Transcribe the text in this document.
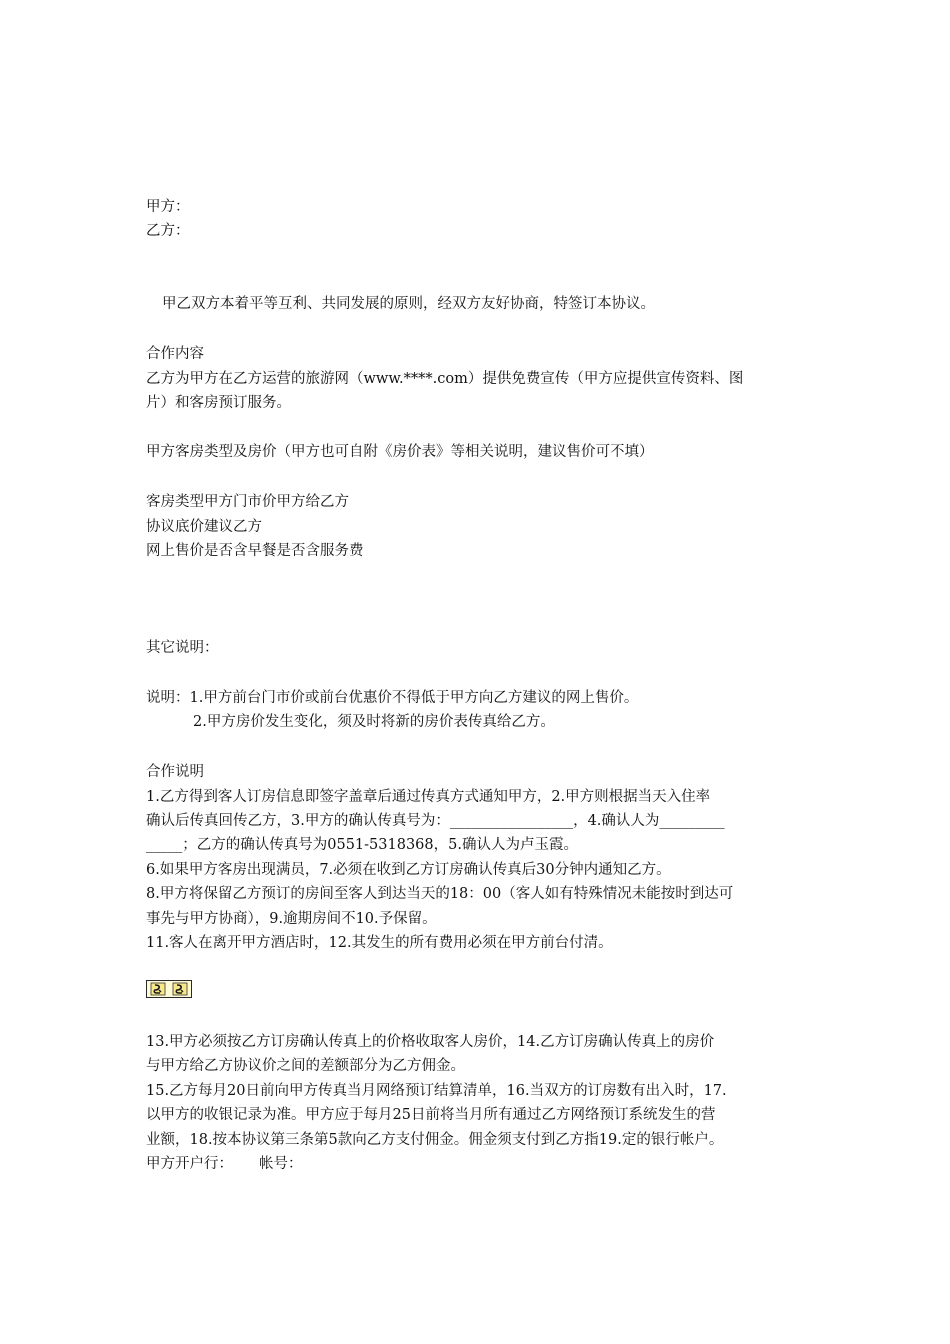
甲方：
乙方：
甲乙双方本着平等互利、共同发展的原则，经双方友好协商，特签订本协议。
合作内容
乙方为甲方在乙方运营的旅游网（www.****.com）提供免费宣传（甲方应提供宣传资料、图
片）和客房预订服务。
甲方客房类型及房价（甲方也可自附《房价表》等相关说明，建议售价可不填）
客房类型甲方门市价甲方给乙方
协议底价建议乙方
网上售价是否含早餐是否含服务费
其它说明：
说明：1.甲方前台门市价或前台优惠价不得低于甲方向乙方建议的网上售价。
2.甲方房价发生变化，须及时将新的房价表传真给乙方。
合作说明
1.乙方得到客人订房信息即签字盖章后通过传真方式通知甲方，2.甲方则根据当天入住率
确认后传真回传乙方，3.甲方的确认传真号为：_________________，4.确认人为_________
_____；乙方的确认传真号为0551-5318368，5.确认人为卢玉霞。
6.如果甲方客房出现满员，7.必须在收到乙方订房确认传真后30分钟内通知乙方。
8.甲方将保留乙方预订的房间至客人到达当天的18：00（客人如有特殊情况未能按时到达可
事先与甲方协商），9.逾期房间不10.予保留。
11.客人在离开甲方酒店时，12.其发生的所有费用必须在甲方前台付清。
13.甲方必须按乙方订房确认传真上的价格收取客人房价，14.乙方订房确认传真上的房价
与甲方给乙方协议价之间的差额部分为乙方佣金。
15.乙方每月20日前向甲方传真当月网络预订结算清单，16.当双方的订房数有出入时，17.
以甲方的收银记录为准。甲方应于每月25日前将当月所有通过乙方网络预订系统发生的营
业额，18.按本协议第三条第5款向乙方支付佣金。佣金须支付到乙方指19.定的银行帐户。
甲方开户行： 帐号：
